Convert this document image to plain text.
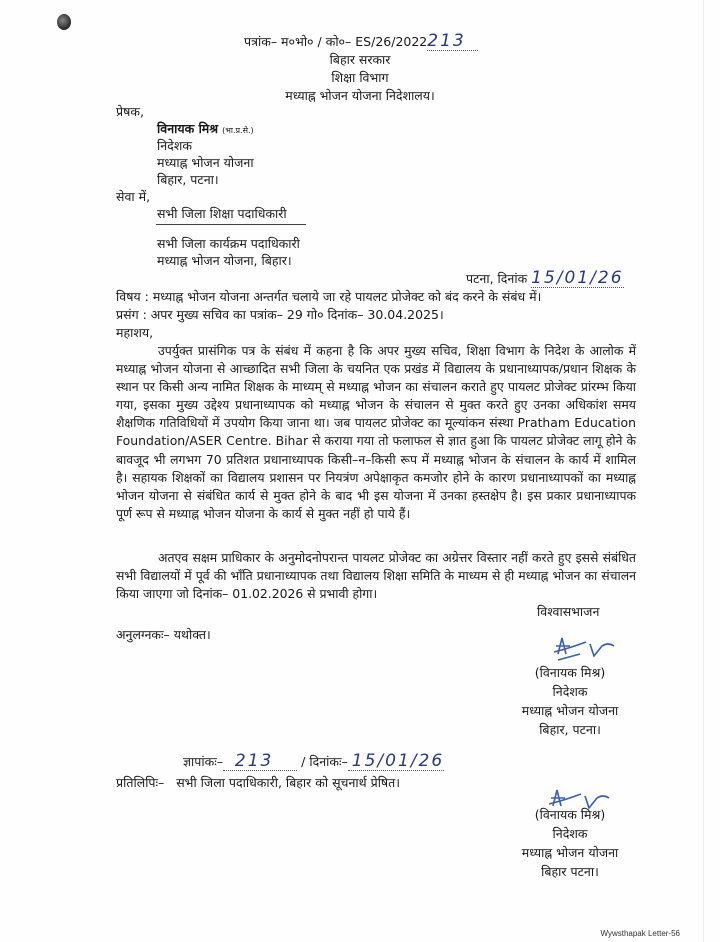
पत्रांक– म०भो० / को०– ES/26/2022213
बिहार सरकार
शिक्षा विभाग
मध्याह्न भोजन योजना निदेशालय।
प्रेषक,
विनायक मिश्र (भा.प्र.से.)
निदेशक
मध्याह्न भोजन योजना
बिहार, पटना।
सेवा में,
सभी जिला शिक्षा पदाधिकारी
सभी जिला कार्यक्रम पदाधिकारी
मध्याह्न भोजन योजना, बिहार।
पटना, दिनांक 15/01/26
विषय : मध्याह्न भोजन योजना अन्तर्गत चलाये जा रहे पायलट प्रोजेक्ट को बंद करने के संबंध में।
प्रसंग : अपर मुख्य सचिव का पत्रांक– 29 गो० दिनांक– 30.04.2025।
महाशय,
उपर्युक्त प्रासंगिक पत्र के संबंध में कहना है कि अपर मुख्य सचिव, शिक्षा विभाग के निदेश के आलोक में मध्याह्न भोजन योजना से आच्छादित सभी जिला के चयनित एक प्रखंड में विद्यालय के प्रधानाध्यापक/प्रधान शिक्षक के स्थान पर किसी अन्य नामित शिक्षक के माध्यम् से मध्याह्न भोजन का संचालन कराते हुए पायलट प्रोजेक्ट प्रांरम्भ किया गया, इसका मुख्य उद्देश्य प्रधानाध्यापक को मध्याह्न भोजन के संचालन से मुक्त करते हुए उनका अधिकांश समय शैक्षणिक गतिविधियों में उपयोग किया जाना था। जब पायलट प्रोजेक्ट का मूल्यांकन संस्था Pratham Education Foundation/ASER Centre. Bihar से कराया गया तो फलाफल से ज्ञात हुआ कि पायलट प्रोजेक्ट लागू होने के बावजूद भी लगभग 70 प्रतिशत प्रधानाध्यापक किसी–न–किसी रूप में मध्याह्न भोजन के संचालन के कार्य में शामिल है। सहायक शिक्षकों का विद्यालय प्रशासन पर नियत्रंण अपेक्षाकृत कमजोर होने के कारण प्रधानाध्यापकों का मध्याह्न भोजन योजना से संबंधित कार्य से मुक्त होने के बाद भी इस योजना में उनका हस्तक्षेप है। इस प्रकार प्रधानाध्यापक पूर्ण रूप से मध्याह्न भोजन योजना के कार्य से मुक्त नहीं हो पाये हैं।
अतएव सक्षम प्राधिकार के अनुमोदनोपरान्त पायलट प्रोजेक्ट का अग्रेत्तर विस्तार नहीं करते हुए इससे संबंधित सभी विद्यालयों में पूर्व की भाँति प्रधानाध्यापक तथा विद्यालय शिक्षा समिति के माध्यम से ही मध्याह्न भोजन का संचालन किया जाएगा जो दिनांक– 01.02.2026 से प्रभावी होगा।
विश्वासभाजन
अनुलग्नकः– यथोक्त।
(विनायक मिश्र)
निदेशक
मध्याह्न भोजन योजना
बिहार, पटना।
ज्ञापांकः– 213 / दिनांकः– 15/01/26
प्रतिलिपिः– सभी जिला पदाधिकारी, बिहार को सूचनार्थ प्रेषित।
(विनायक मिश्र)
निदेशक
मध्याह्न भोजन योजना
बिहार पटना।
Wywsthapak Letter-56
